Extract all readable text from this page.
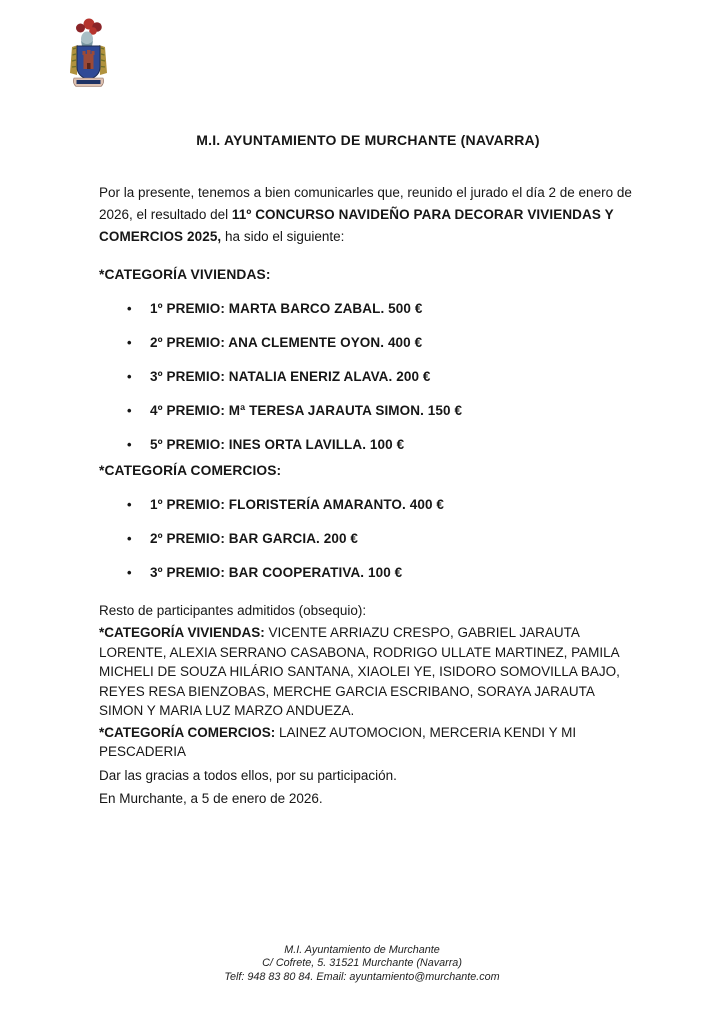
M.I. AYUNTAMIENTO DE MURCHANTE (NAVARRA)

Por la presente, tenemos a bien comunicarles que, reunido el jurado el día 2 de enero de 2026, el resultado del 11º CONCURSO NAVIDEÑO PARA DECORAR VIVIENDAS Y COMERCIOS 2025, ha sido el siguiente:

*CATEGORÍA VIVIENDAS:
• 1º PREMIO: MARTA BARCO ZABAL. 500 €
• 2º PREMIO: ANA CLEMENTE OYON. 400 €
• 3º PREMIO: NATALIA ENERIZ ALAVA. 200 €
• 4º PREMIO: Mª TERESA JARAUTA SIMON. 150 €
• 5º PREMIO: INES ORTA LAVILLA. 100 €
*CATEGORÍA COMERCIOS:
• 1º PREMIO: FLORISTERÍA AMARANTO. 400 €
• 2º PREMIO: BAR GARCIA. 200 €
• 3º PREMIO: BAR COOPERATIVA. 100 €

Resto de participantes admitidos (obsequio):

*CATEGORÍA VIVIENDAS: VICENTE ARRIAZU CRESPO, GABRIEL JARAUTA LORENTE, ALEXIA SERRANO CASABONA, RODRIGO ULLATE MARTINEZ, PAMILA MICHELI DE SOUZA HILÁRIO SANTANA, XIAOLEI YE, ISIDORO SOMOVILLA BAJO, REYES RESA BIENZOBAS, MERCHE GARCIA ESCRIBANO, SORAYA JARAUTA SIMON Y MARIA LUZ MARZO ANDUEZA.

*CATEGORÍA COMERCIOS: LAINEZ AUTOMOCION, MERCERIA KENDI Y MI PESCADERIA

Dar las gracias a todos ellos, por su participación.

En Murchante, a 5 de enero de 2026.

M.I. Ayuntamiento de Murchante
C/ Cofrete, 5. 31521 Murchante (Navarra)
Telf: 948 83 80 84. Email: ayuntamiento@murchante.com
